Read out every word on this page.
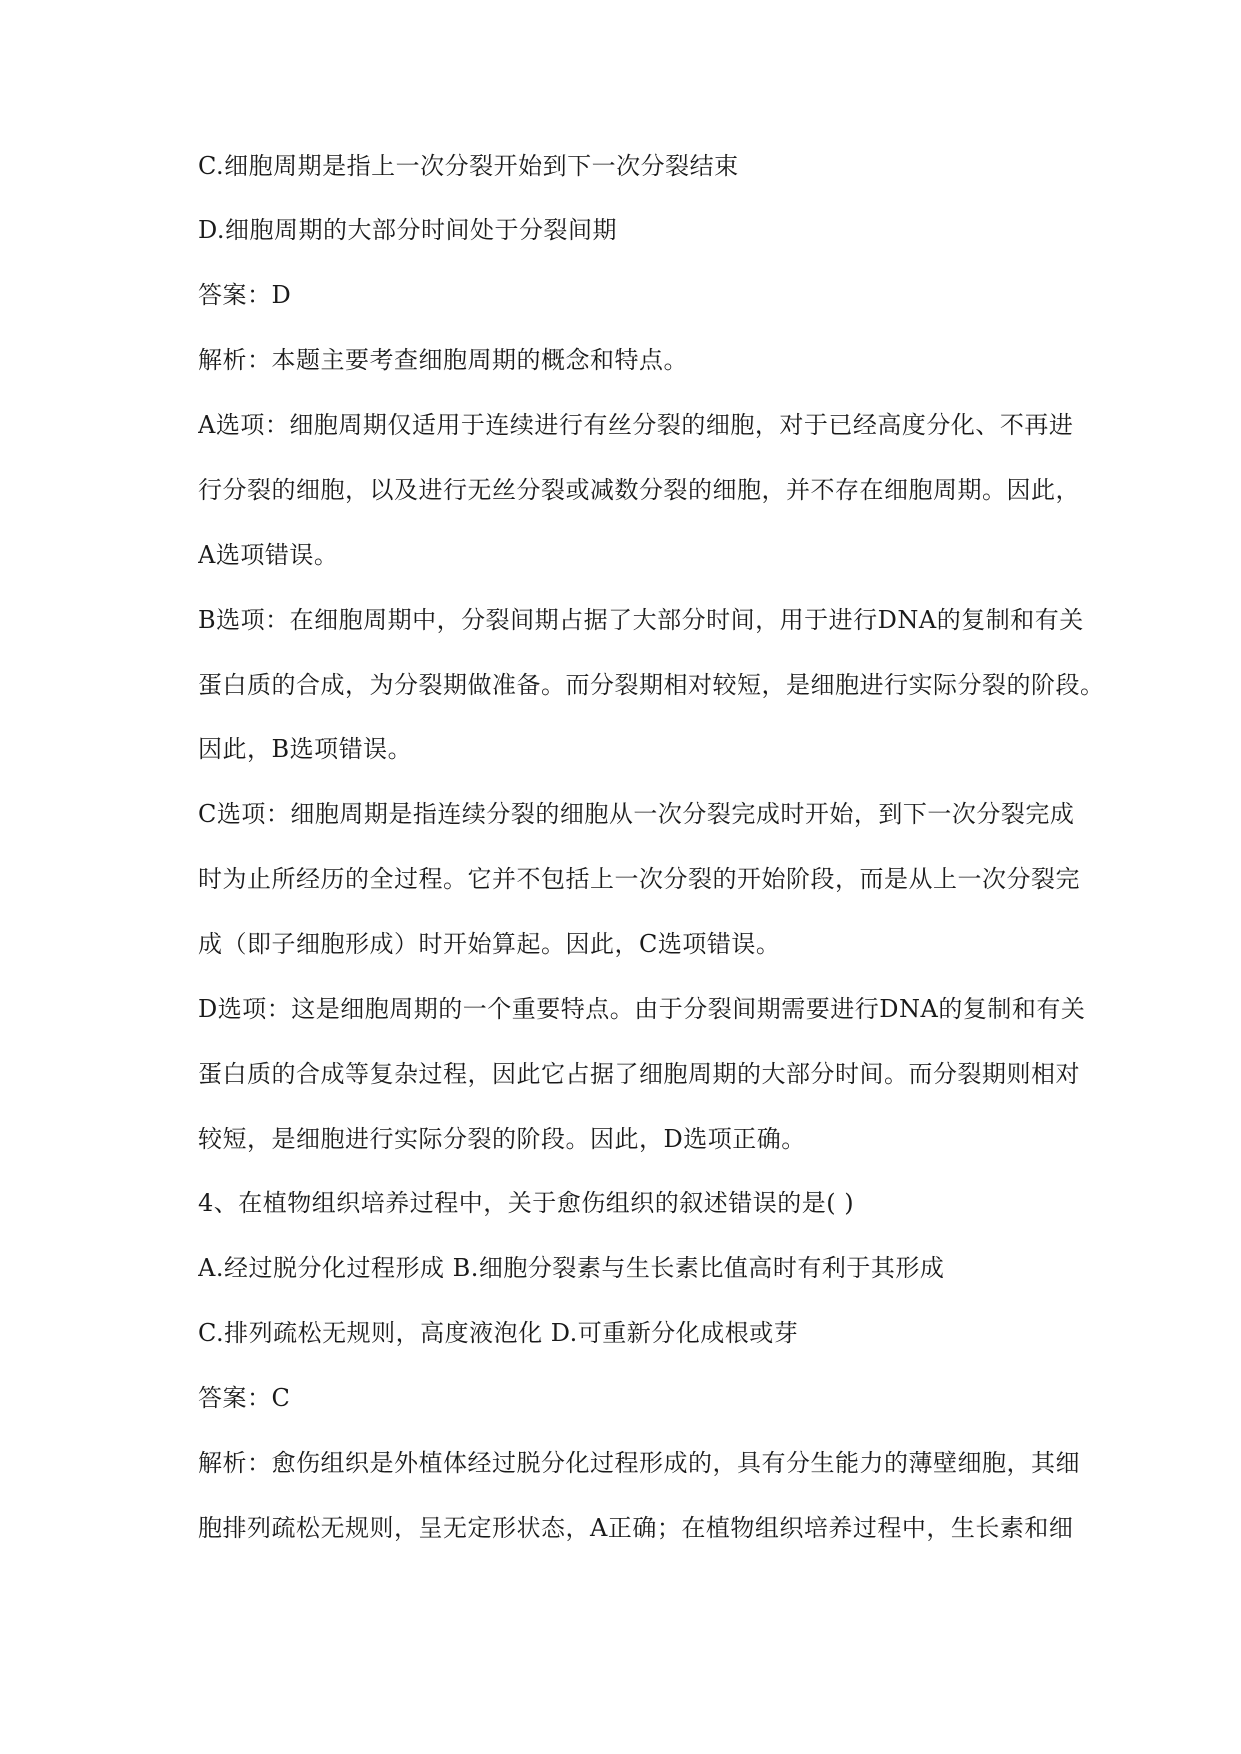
C.细胞周期是指上一次分裂开始到下一次分裂结束
D.细胞周期的大部分时间处于分裂间期
答案：D
解析：本题主要考查细胞周期的概念和特点。
A选项：细胞周期仅适用于连续进行有丝分裂的细胞，对于已经高度分化、不再进
行分裂的细胞，以及进行无丝分裂或减数分裂的细胞，并不存在细胞周期。因此，
A选项错误。
B选项：在细胞周期中，分裂间期占据了大部分时间，用于进行DNA的复制和有关
蛋白质的合成，为分裂期做准备。而分裂期相对较短，是细胞进行实际分裂的阶段。
因此，B选项错误。
C选项：细胞周期是指连续分裂的细胞从一次分裂完成时开始，到下一次分裂完成
时为止所经历的全过程。它并不包括上一次分裂的开始阶段，而是从上一次分裂完
成（即子细胞形成）时开始算起。因此，C选项错误。
D选项：这是细胞周期的一个重要特点。由于分裂间期需要进行DNA的复制和有关
蛋白质的合成等复杂过程，因此它占据了细胞周期的大部分时间。而分裂期则相对
较短，是细胞进行实际分裂的阶段。因此，D选项正确。
4、在植物组织培养过程中，关于愈伤组织的叙述错误的是( )
A.经过脱分化过程形成 B.细胞分裂素与生长素比值高时有利于其形成
C.排列疏松无规则，高度液泡化 D.可重新分化成根或芽
答案：C
解析：愈伤组织是外植体经过脱分化过程形成的，具有分生能力的薄壁细胞，其细
胞排列疏松无规则，呈无定形状态，A正确；在植物组织培养过程中，生长素和细
